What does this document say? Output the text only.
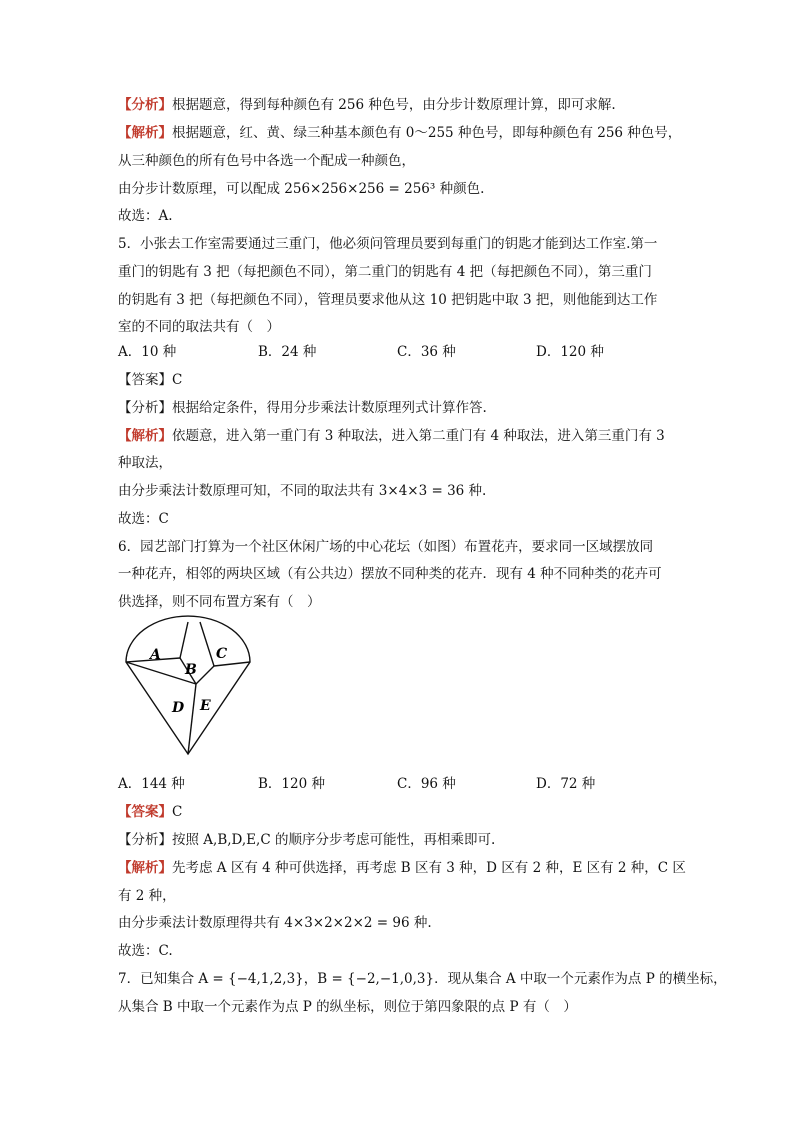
【分析】根据题意，得到每种颜色有 256 种色号，由分步计数原理计算，即可求解.
【解析】根据题意，红、黄、绿三种基本颜色有 0～255 种色号，即每种颜色有 256 种色号，
从三种颜色的所有色号中各选一个配成一种颜色，
由分步计数原理，可以配成 256×256×256 = 256³ 种颜色.
故选：A.
5．小张去工作室需要通过三重门，他必须问管理员要到每重门的钥匙才能到达工作室.第一
重门的钥匙有 3 把（每把颜色不同），第二重门的钥匙有 4 把（每把颜色不同），第三重门
的钥匙有 3 把（每把颜色不同），管理员要求他从这 10 把钥匙中取 3 把，则他能到达工作
室的不同的取法共有（　）
A．10 种	B．24 种	C．36 种	D．120 种
【答案】C
【分析】根据给定条件，得用分步乘法计数原理列式计算作答.
【解析】依题意，进入第一重门有 3 种取法，进入第二重门有 4 种取法，进入第三重门有 3
种取法，
由分步乘法计数原理可知，不同的取法共有 3×4×3 = 36 种.
故选：C
6．园艺部门打算为一个社区休闲广场的中心花坛（如图）布置花卉，要求同一区域摆放同
一种花卉，相邻的两块区域（有公共边）摆放不同种类的花卉．现有 4 种不同种类的花卉可
供选择，则不同布置方案有（　）
A
B
C
D E
A．144 种	B．120 种	C．96 种	D．72 种
【答案】C
【分析】按照 A,B,D,E,C 的顺序分步考虑可能性，再相乘即可.
【解析】先考虑 A 区有 4 种可供选择，再考虑 B 区有 3 种，D 区有 2 种，E 区有 2 种，C 区
有 2 种，
由分步乘法计数原理得共有 4×3×2×2×2 = 96 种.
故选：C.
7．已知集合 A = {−4,1,2,3}，B = {−2,−1,0,3}．现从集合 A 中取一个元素作为点 P 的横坐标，
从集合 B 中取一个元素作为点 P 的纵坐标，则位于第四象限的点 P 有（　）
